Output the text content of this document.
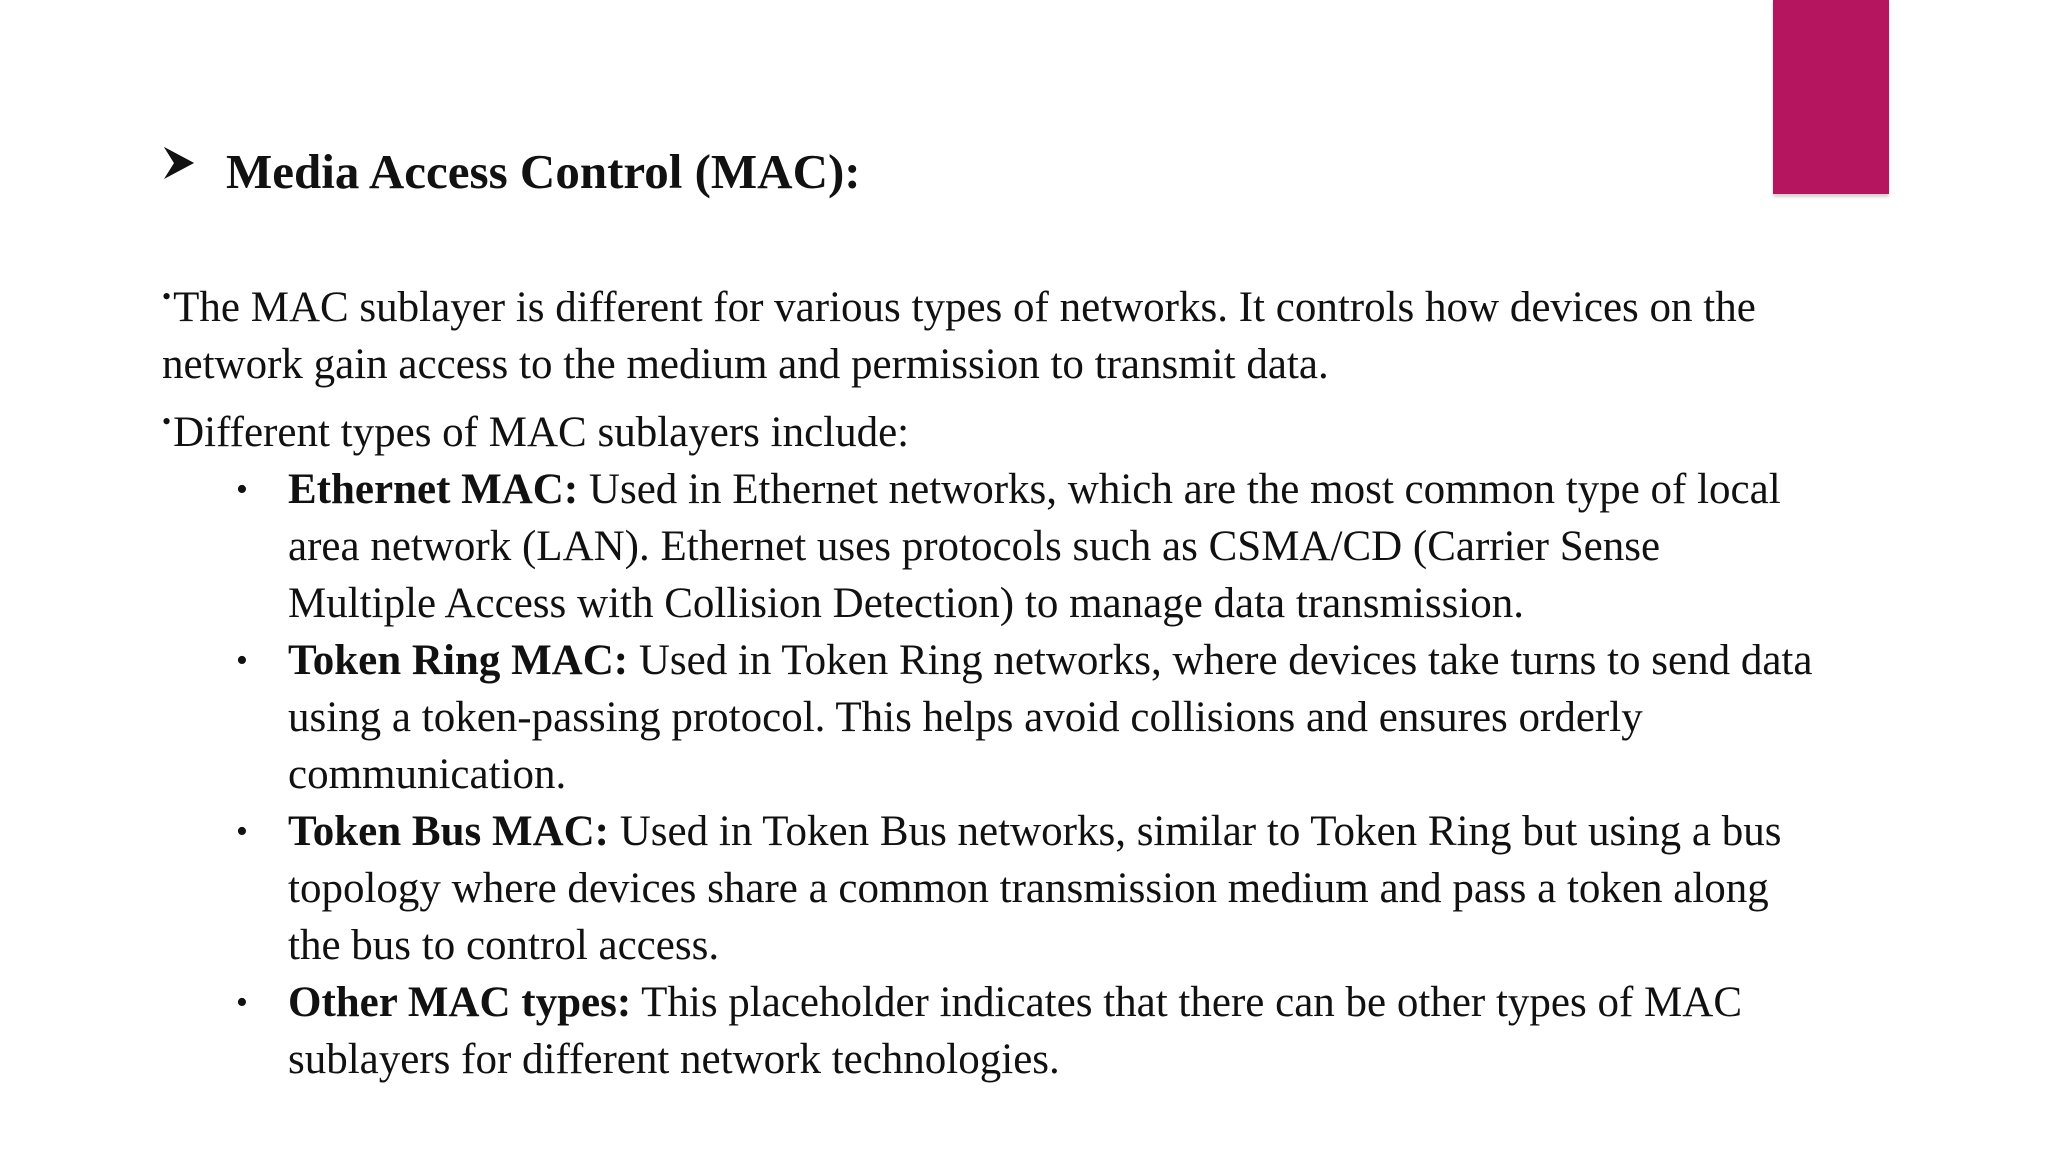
Media Access Control (MAC):

•The MAC sublayer is different for various types of networks. It controls how devices on the network gain access to the medium and permission to transmit data.

•Different types of MAC sublayers include:

• Ethernet MAC: Used in Ethernet networks, which are the most common type of local area network (LAN). Ethernet uses protocols such as CSMA/CD (Carrier Sense Multiple Access with Collision Detection) to manage data transmission.
• Token Ring MAC: Used in Token Ring networks, where devices take turns to send data using a token-passing protocol. This helps avoid collisions and ensures orderly communication.
• Token Bus MAC: Used in Token Bus networks, similar to Token Ring but using a bus topology where devices share a common transmission medium and pass a token along the bus to control access.
• Other MAC types: This placeholder indicates that there can be other types of MAC sublayers for different network technologies.
